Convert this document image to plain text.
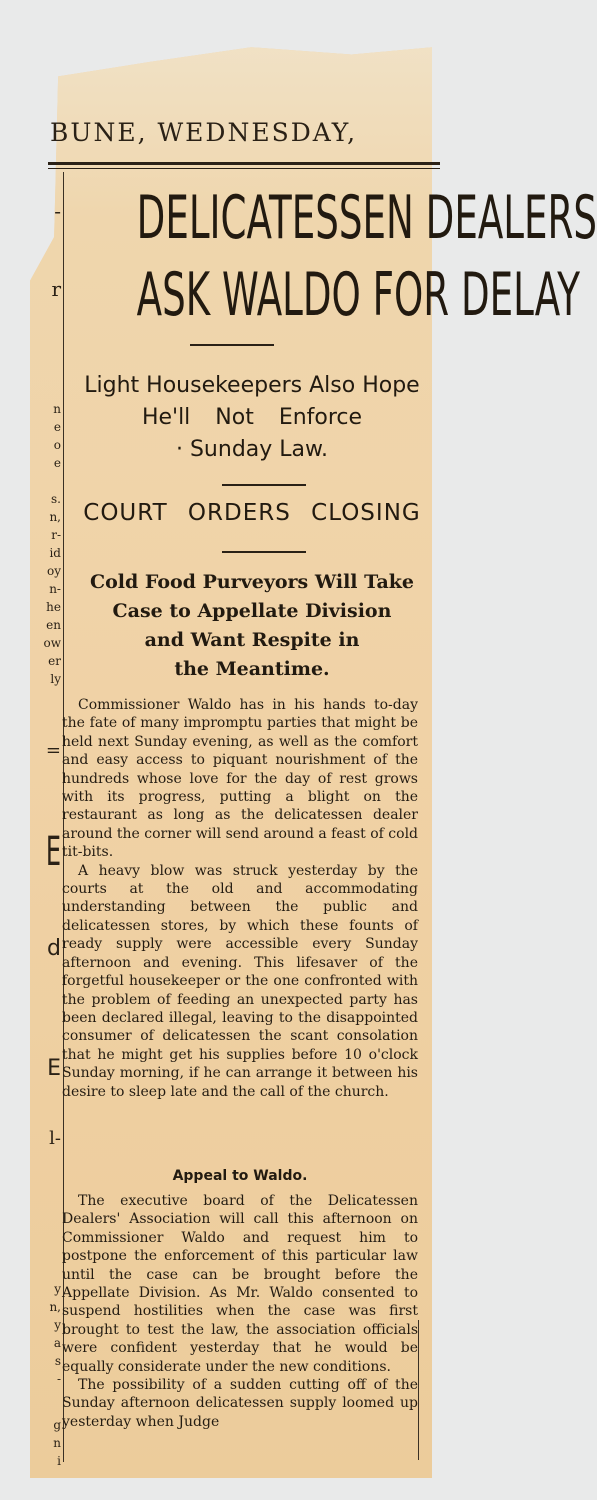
BUNE, WEDNESDAY,
-
r
n
e
o
e
s.
n,
r-
id
oy
n-
he
en
ow
er
ly
=
E
d
E
l-
y
n,
y
a
s
-
g
n
i
DELICATESSEN DEALERS
ASK WALDO FOR DELAY
Light Housekeepers Also Hope
He'll Not Enforce
· Sunday Law.
COURT ORDERS CLOSING
Cold Food Purveyors Will Take
Case to Appellate Division
and Want Respite in
the Meantime.

Commissioner Waldo has in his hands to-day the fate of many impromptu parties that might be held next Sunday evening, as well as the comfort and easy access to piquant nourishment of the hundreds whose love for the day of rest grows with its progress, putting a blight on the restaurant as long as the delicatessen dealer around the corner will send around a feast of cold tit-bits.

A heavy blow was struck yesterday by the courts at the old and accommodating understanding between the public and delicatessen stores, by which these founts of ready supply were accessible every Sunday afternoon and evening. This lifesaver of the forgetful housekeeper or the one confronted with the problem of feeding an unexpected party has been declared illegal, leaving to the disappointed consumer of delicatessen the scant consolation that he might get his supplies before 10 o'clock Sunday morning, if he can arrange it between his desire to sleep late and the call of the church.

Appeal to Waldo.

The executive board of the Delicatessen Dealers' Association will call this afternoon on Commissioner Waldo and request him to postpone the enforcement of this particular law until the case can be brought before the Appellate Division. As Mr. Waldo consented to suspend hostilities when the case was first brought to test the law, the association officials were confident yesterday that he would be equally considerate under the new conditions.

The possibility of a sudden cutting off of the Sunday afternoon delicatessen supply loomed up yesterday when Judge
